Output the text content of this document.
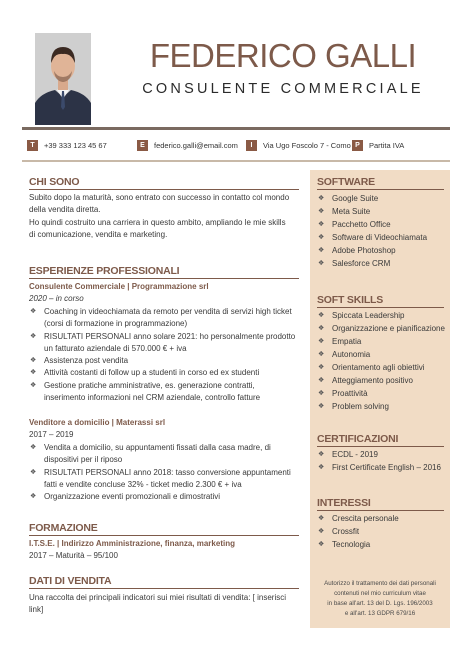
FEDERICO GALLI
CONSULENTE COMMERCIALE
T	+39 333 123 45 67	E	federico.galli@email.com	I	Via Ugo Foscolo 7 - Como P	Partita IVA
CHI SONO
Subito dopo la maturità, sono entrato con successo in contatto col mondo
della vendita diretta.
Ho quindi costruito una carriera in questo ambito, ampliando le mie skills
di comunicazione, vendita e marketing.
ESPERIENZE PROFESSIONALI
Consulente Commerciale | Programmazione srl
2020 – in corso
❖ Coaching in videochiamata da remoto per vendita di servizi high ticket
(corsi di formazione in programmazione)
❖ RISULTATI PERSONALI anno solare 2021: ho personalmente prodotto
un fatturato aziendale di 570.000 € + iva
❖ Assistenza post vendita
❖ Attività costanti di follow up a studenti in corso ed ex studenti
❖ Gestione pratiche amministrative, es. generazione contratti,
inserimento informazioni nel CRM aziendale, controllo fatture
Venditore a domicilio | Materassi srl
2017 – 2019
❖ Vendita a domicilio, su appuntamenti fissati dalla casa madre, di
dispositivi per il riposo
❖ RISULTATI PERSONALI anno 2018: tasso conversione appuntamenti
fatti e vendite concluse 32% - ticket medio 2.300 € + iva
❖ Organizzazione eventi promozionali e dimostrativi
FORMAZIONE
I.T.S.E. | Indirizzo Amministrazione, finanza, marketing
2017 – Maturità – 95/100
DATI DI VENDITA
Una raccolta dei principali indicatori sui miei risultati di vendita: [ inserisci
link]
SOFTWARE
❖ Google Suite
❖ Meta Suite
❖ Pacchetto Office
❖ Software di Videochiamata
❖ Adobe Photoshop
❖ Salesforce CRM
SOFT SKILLS
❖ Spiccata Leadership
❖ Organizzazione e pianificazione
❖ Empatia
❖ Autonomia
❖ Orientamento agli obiettivi
❖ Atteggiamento positivo
❖ Proattività
❖ Problem solving
CERTIFICAZIONI
❖ ECDL - 2019
❖ First Certificate English – 2016
INTERESSI
❖ Crescita personale
❖ Crossfit
❖ Tecnologia
Autorizzo il trattamento dei dati personali
contenuti nel mio curriculum vitae
in base all'art. 13 del D. Lgs. 196/2003
e all'art. 13 GDPR 679/16
